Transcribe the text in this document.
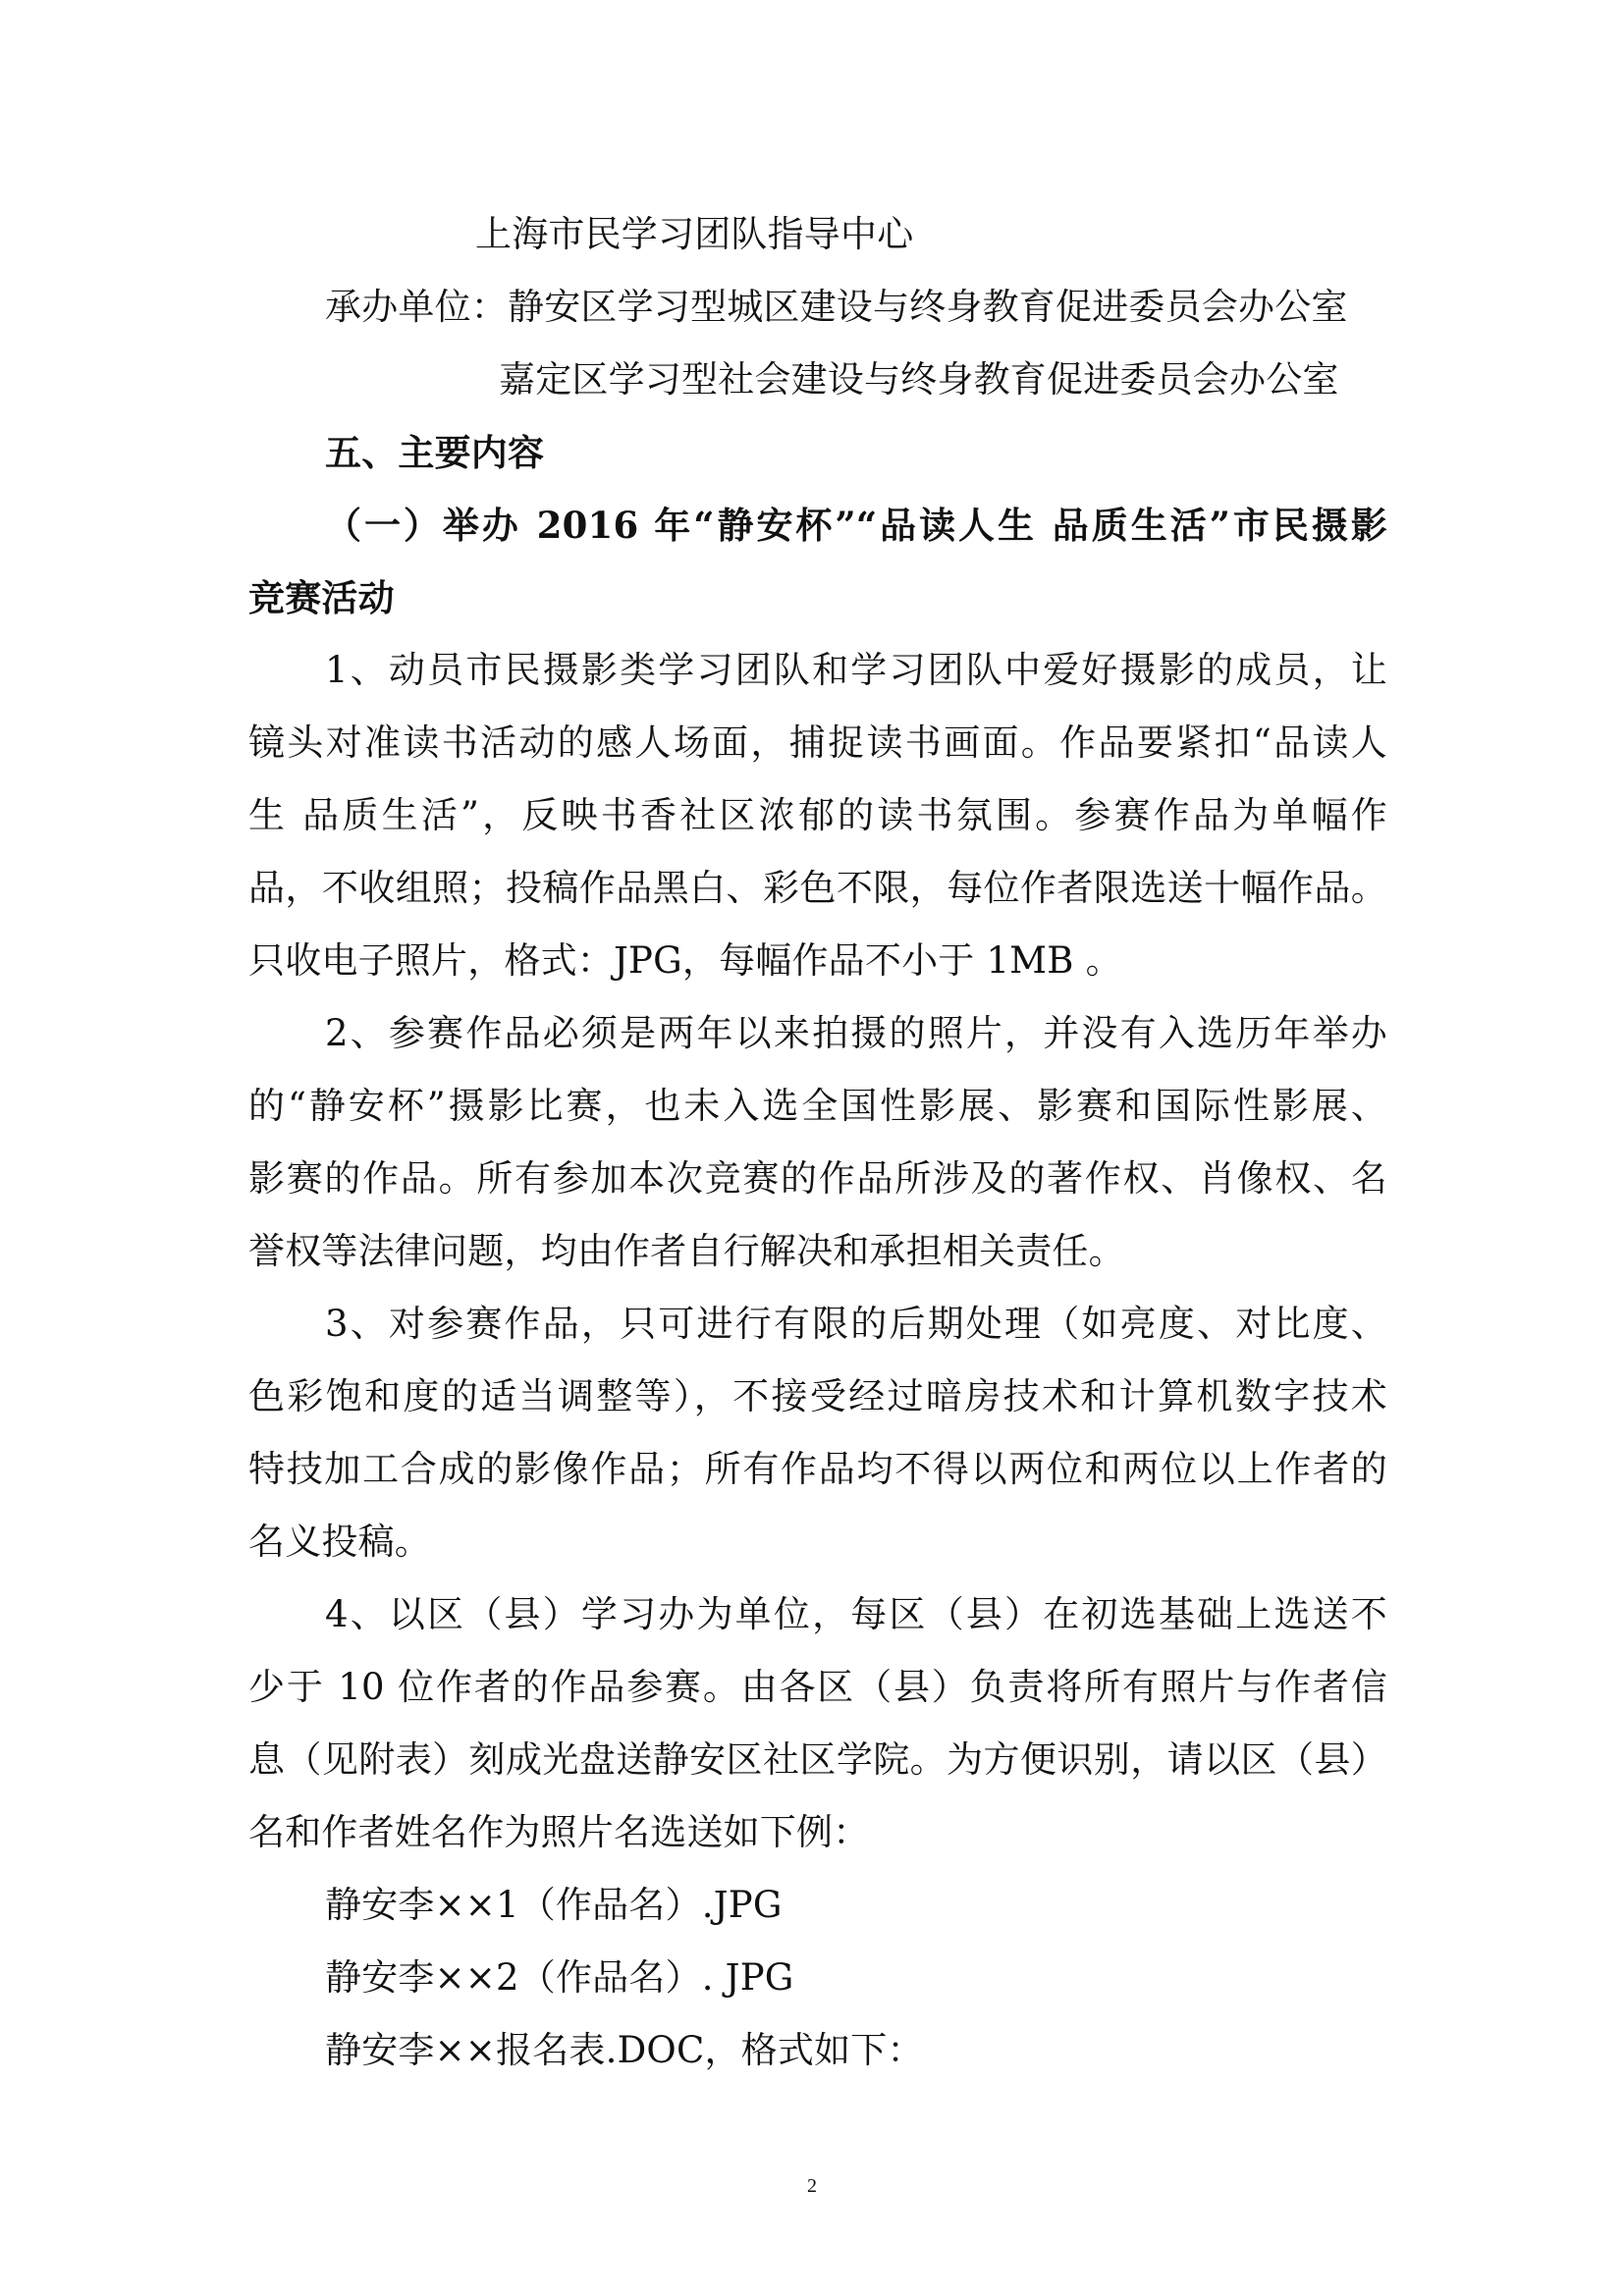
上海市民学习团队指导中心
承办单位：静安区学习型城区建设与终身教育促进委员会办公室
嘉定区学习型社会建设与终身教育促进委员会办公室
五、主要内容
（一）举办 2016 年“静安杯”“品读人生 品质生活”市民摄影
竞赛活动
1、动员市民摄影类学习团队和学习团队中爱好摄影的成员，让
镜头对准读书活动的感人场面，捕捉读书画面。作品要紧扣“品读人
生 品质生活”，反映书香社区浓郁的读书氛围。参赛作品为单幅作
品，不收组照；投稿作品黑白、彩色不限，每位作者限选送十幅作品。
只收电子照片，格式：JPG，每幅作品不小于 1MB 。
2、参赛作品必须是两年以来拍摄的照片，并没有入选历年举办
的“静安杯”摄影比赛，也未入选全国性影展、影赛和国际性影展、
影赛的作品。所有参加本次竞赛的作品所涉及的著作权、肖像权、名
誉权等法律问题，均由作者自行解决和承担相关责任。
3、对参赛作品，只可进行有限的后期处理（如亮度、对比度、
色彩饱和度的适当调整等），不接受经过暗房技术和计算机数字技术
特技加工合成的影像作品；所有作品均不得以两位和两位以上作者的
名义投稿。
4、以区（县）学习办为单位，每区（县）在初选基础上选送不
少于 10 位作者的作品参赛。由各区（县）负责将所有照片与作者信
息（见附表）刻成光盘送静安区社区学院。为方便识别，请以区（县）
名和作者姓名作为照片名选送如下例：
静安李××1（作品名）.JPG
静安李××2（作品名）. JPG
静安李××报名表.DOC，格式如下：
2
